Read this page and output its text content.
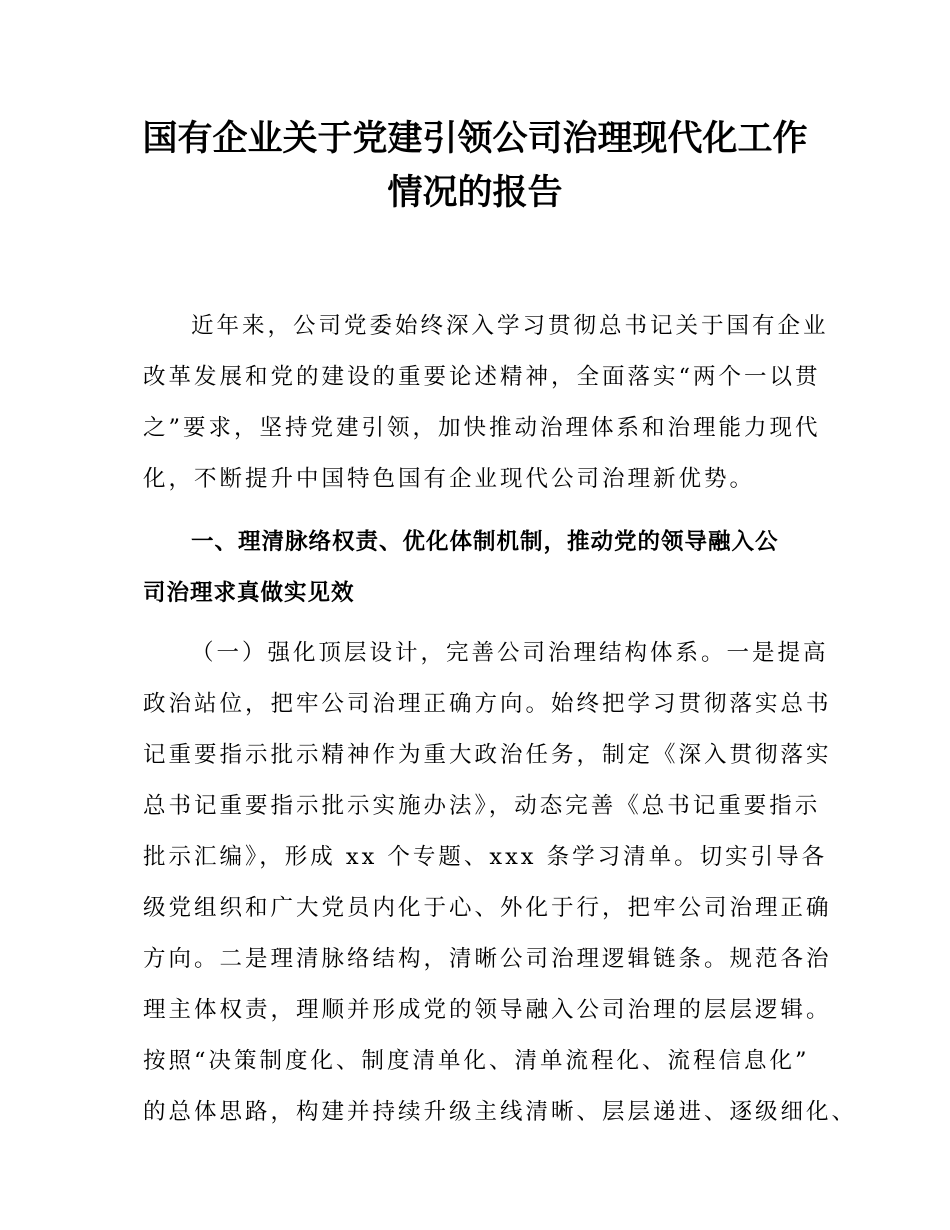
国有企业关于党建引领公司治理现代化工作
情况的报告
近年来，公司党委始终深入学习贯彻总书记关于国有企业
改革发展和党的建设的重要论述精神，全面落实“两个一以贯
之”要求，坚持党建引领，加快推动治理体系和治理能力现代
化，不断提升中国特色国有企业现代公司治理新优势。
一、理清脉络权责、优化体制机制，推动党的领导融入公
司治理求真做实见效
（一）强化顶层设计，完善公司治理结构体系。一是提高
政治站位，把牢公司治理正确方向。始终把学习贯彻落实总书
记重要指示批示精神作为重大政治任务，制定《深入贯彻落实
总书记重要指示批示实施办法》，动态完善《总书记重要指示
批示汇编》，形成 xx 个专题、xxx 条学习清单。切实引导各
级党组织和广大党员内化于心、外化于行，把牢公司治理正确
方向。二是理清脉络结构，清晰公司治理逻辑链条。规范各治
理主体权责，理顺并形成党的领导融入公司治理的层层逻辑。
按照“决策制度化、制度清单化、清单流程化、流程信息化”
的总体思路，构建并持续升级主线清晰、层层递进、逐级细化、
